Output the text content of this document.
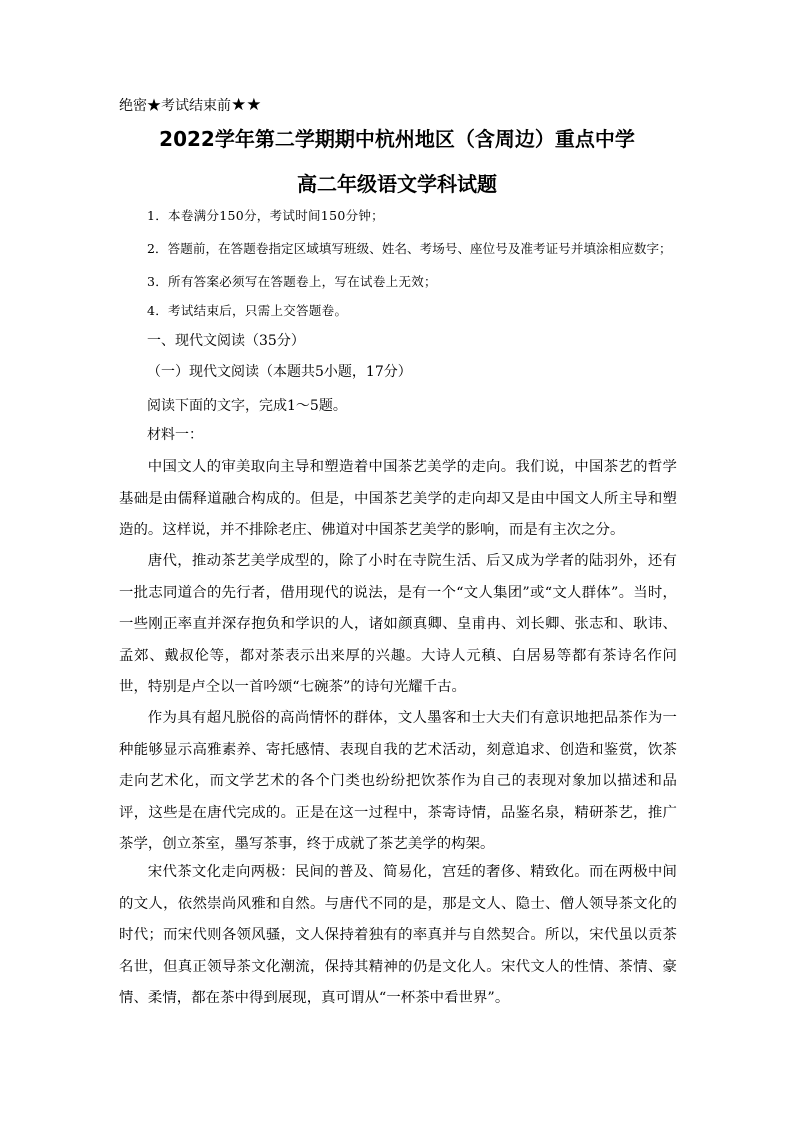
绝密★考试结束前★★
2022学年第二学期期中杭州地区（含周边）重点中学
高二年级语文学科试题
1．本卷满分150分，考试时间150分钟；
2．答题前，在答题卷指定区域填写班级、姓名、考场号、座位号及准考证号并填涂相应数字；
3．所有答案必须写在答题卷上，写在试卷上无效；
4．考试结束后，只需上交答题卷。
一、现代文阅读（35分）
（一）现代文阅读（本题共5小题，17分）
阅读下面的文字，完成1～5题。
材料一：
中国文人的审美取向主导和塑造着中国茶艺美学的走向。我们说，中国茶艺的哲学基础是由儒释道融合构成的。但是，中国茶艺美学的走向却又是由中国文人所主导和塑造的。这样说，并不排除老庄、佛道对中国茶艺美学的影响，而是有主次之分。
唐代，推动茶艺美学成型的，除了小时在寺院生活、后又成为学者的陆羽外，还有一批志同道合的先行者，借用现代的说法，是有一个“文人集团”或“文人群体”。当时，一些刚正率直并深存抱负和学识的人，诸如颜真卿、皇甫冉、刘长卿、张志和、耿讳、孟郊、戴叔伦等，都对茶表示出来厚的兴趣。大诗人元稹、白居易等都有茶诗名作问世，特别是卢仝以一首吟颂“七碗茶”的诗句光耀千古。
作为具有超凡脱俗的高尚情怀的群体，文人墨客和士大夫们有意识地把品茶作为一种能够显示高雅素养、寄托感情、表现自我的艺术活动，刻意追求、创造和鉴赏，饮茶走向艺术化，而文学艺术的各个门类也纷纷把饮茶作为自己的表现对象加以描述和品评，这些是在唐代完成的。正是在这一过程中，茶寄诗情，品鉴名泉，精研茶艺，推广茶学，创立茶室，墨写茶事，终于成就了茶艺美学的构架。
宋代茶文化走向两极：民间的普及、简易化，宫廷的奢侈、精致化。而在两极中间的文人，依然崇尚风雅和自然。与唐代不同的是，那是文人、隐士、僧人领导茶文化的时代；而宋代则各领风骚，文人保持着独有的率真并与自然契合。所以，宋代虽以贡茶名世，但真正领导茶文化潮流，保持其精神的仍是文化人。宋代文人的性情、茶情、豪情、柔情，都在茶中得到展现，真可谓从“一杯茶中看世界”。
